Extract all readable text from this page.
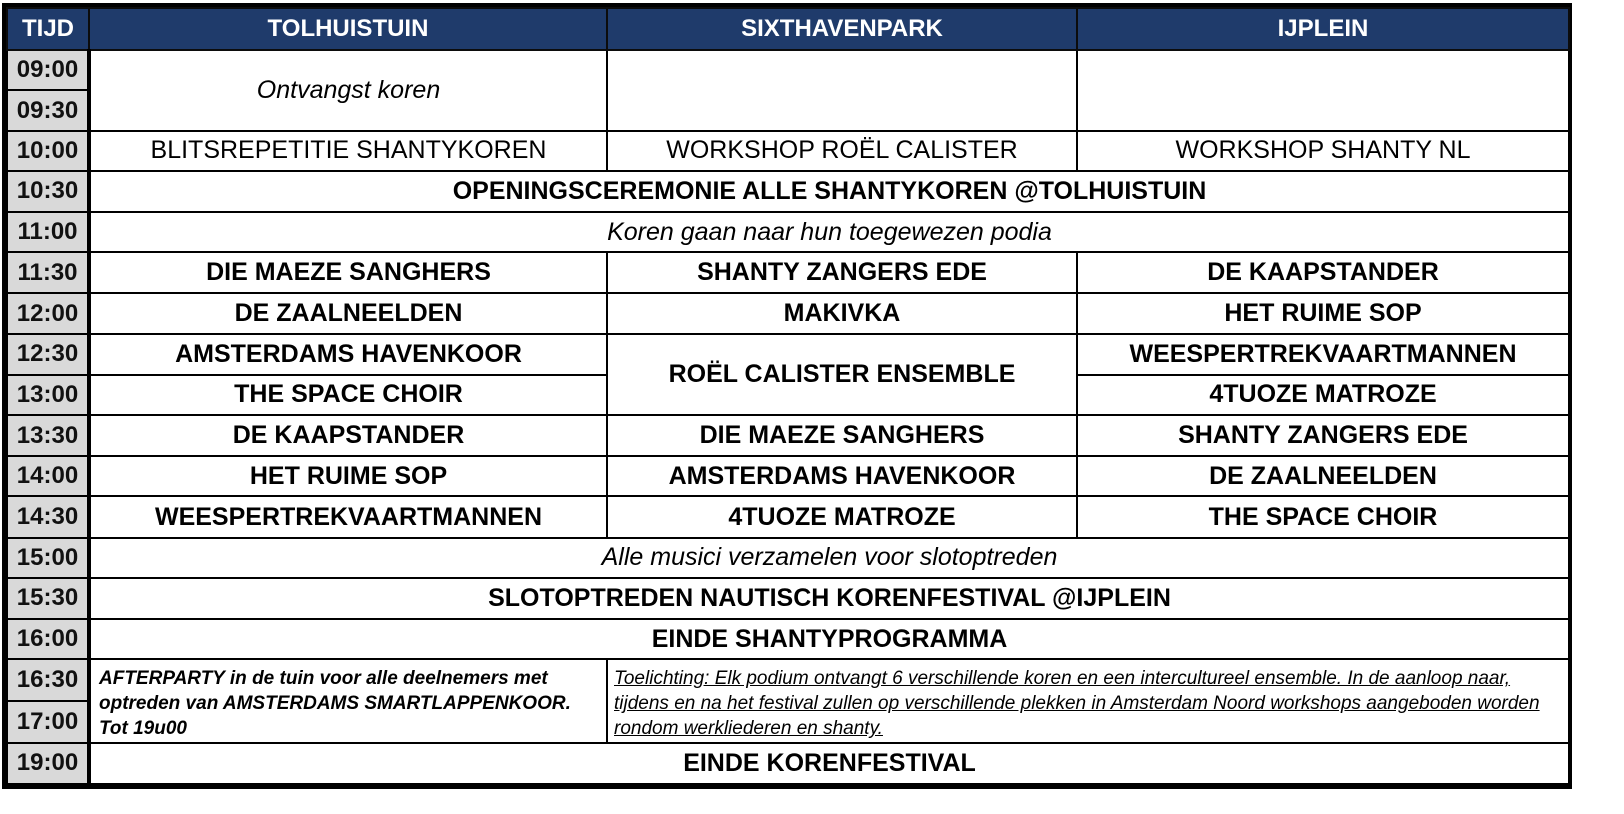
TIJD	TOLHUISTUIN	SIXTHAVENPARK	IJPLEIN
09:00	Ontvangst koren		
09:30			
10:00	BLITSREPETITIE SHANTYKOREN	WORKSHOP ROËL CALISTER	WORKSHOP SHANTY NL
10:30	OPENINGSCEREMONIE ALLE SHANTYKOREN @TOLHUISTUIN		
11:00	Koren gaan naar hun toegewezen podia		
11:30	DIE MAEZE SANGHERS	SHANTY ZANGERS EDE	DE KAAPSTANDER
12:00	DE ZAALNEELDEN	MAKIVKA	HET RUIME SOP
12:30	AMSTERDAMS HAVENKOOR	ROËL CALISTER ENSEMBLE	WEESPERTREKVAARTMANNEN
13:00	THE SPACE CHOIR		4TUOZE MATROZE
13:30	DE KAAPSTANDER	DIE MAEZE SANGHERS	SHANTY ZANGERS EDE
14:00	HET RUIME SOP	AMSTERDAMS HAVENKOOR	DE ZAALNEELDEN
14:30	WEESPERTREKVAARTMANNEN	4TUOZE MATROZE	THE SPACE CHOIR
15:00	Alle musici verzamelen voor slotoptreden		
15:30	SLOTOPTREDEN NAUTISCH KORENFESTIVAL @IJPLEIN		
16:00	EINDE SHANTYPROGRAMMA		

16:30
17:00	AFTERPARTY in de tuin voor alle deelnemers met optreden van AMSTERDAMS SMARTLAPPENKOOR. Tot 19u00	Toelichting: Elk podium ontvangt 6 verschillende koren en een intercultureel ensemble. In de aanloop naar, tijdens en na het festival zullen op verschillende plekken in Amsterdam Noord workshops aangeboden worden rondom werkliederen en shanty.	
19:00	EINDE KORENFESTIVAL		
